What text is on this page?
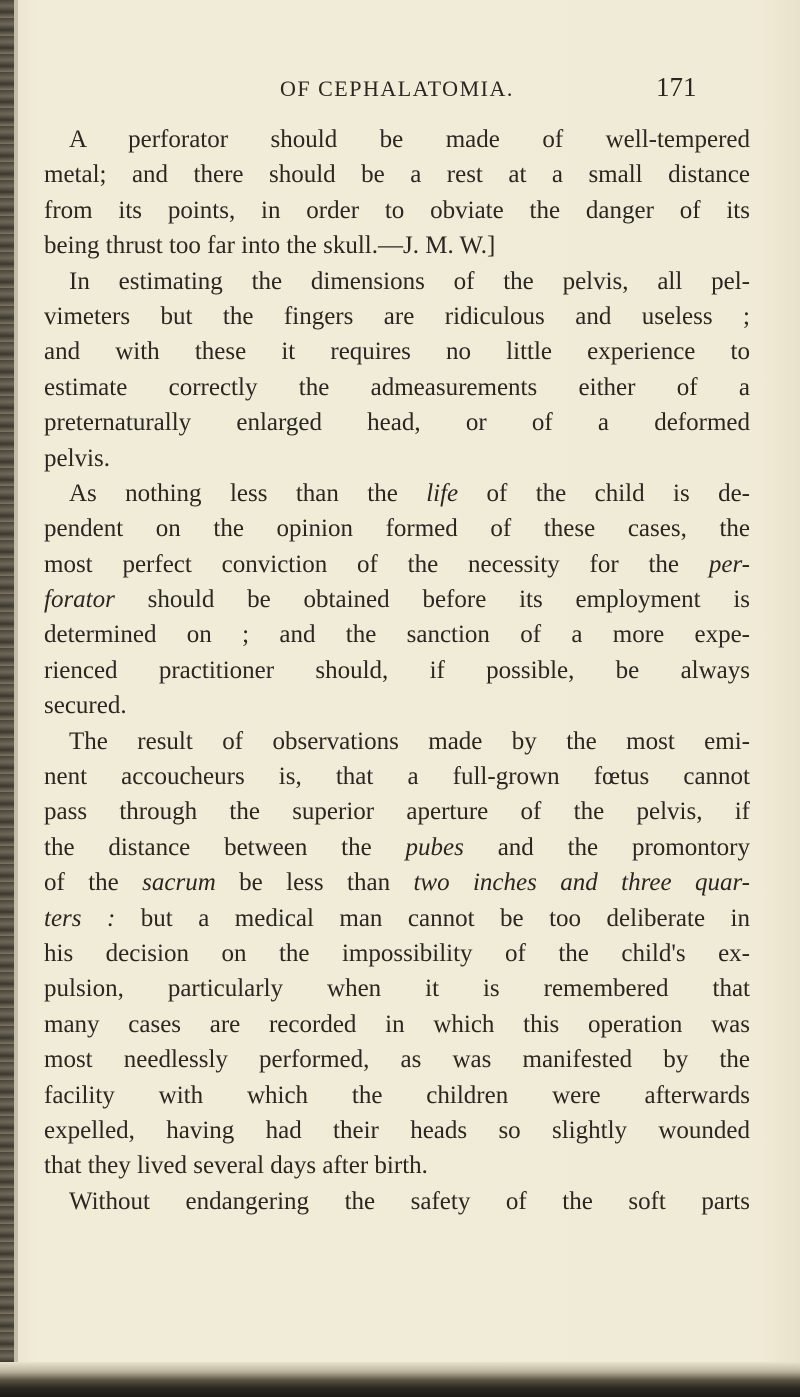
OF CEPHALATOMIA.	171
A perforator should be made of well-tempered
metal; and there should be a rest at a small distance
from its points, in order to obviate the danger of its
being thrust too far into the skull.—J. M. W.]
In estimating the dimensions of the pelvis, all pel-
vimeters but the fingers are ridiculous and useless ;
and with these it requires no little experience to
estimate correctly the admeasurements either of a
preternaturally enlarged head, or of a deformed
pelvis.
As nothing less than the life of the child is de-
pendent on the opinion formed of these cases, the
most perfect conviction of the necessity for the per-
forator should be obtained before its employment is
determined on ; and the sanction of a more expe-
rienced practitioner should, if possible, be always
secured.
The result of observations made by the most emi-
nent accoucheurs is, that a full-grown fœtus cannot
pass through the superior aperture of the pelvis, if
the distance between the pubes and the promontory
of the sacrum be less than two inches and three quar-
ters : but a medical man cannot be too deliberate in
his decision on the impossibility of the child's ex-
pulsion, particularly when it is remembered that
many cases are recorded in which this operation was
most needlessly performed, as was manifested by the
facility with which the children were afterwards
expelled, having had their heads so slightly wounded
that they lived several days after birth.
Without endangering the safety of the soft parts
